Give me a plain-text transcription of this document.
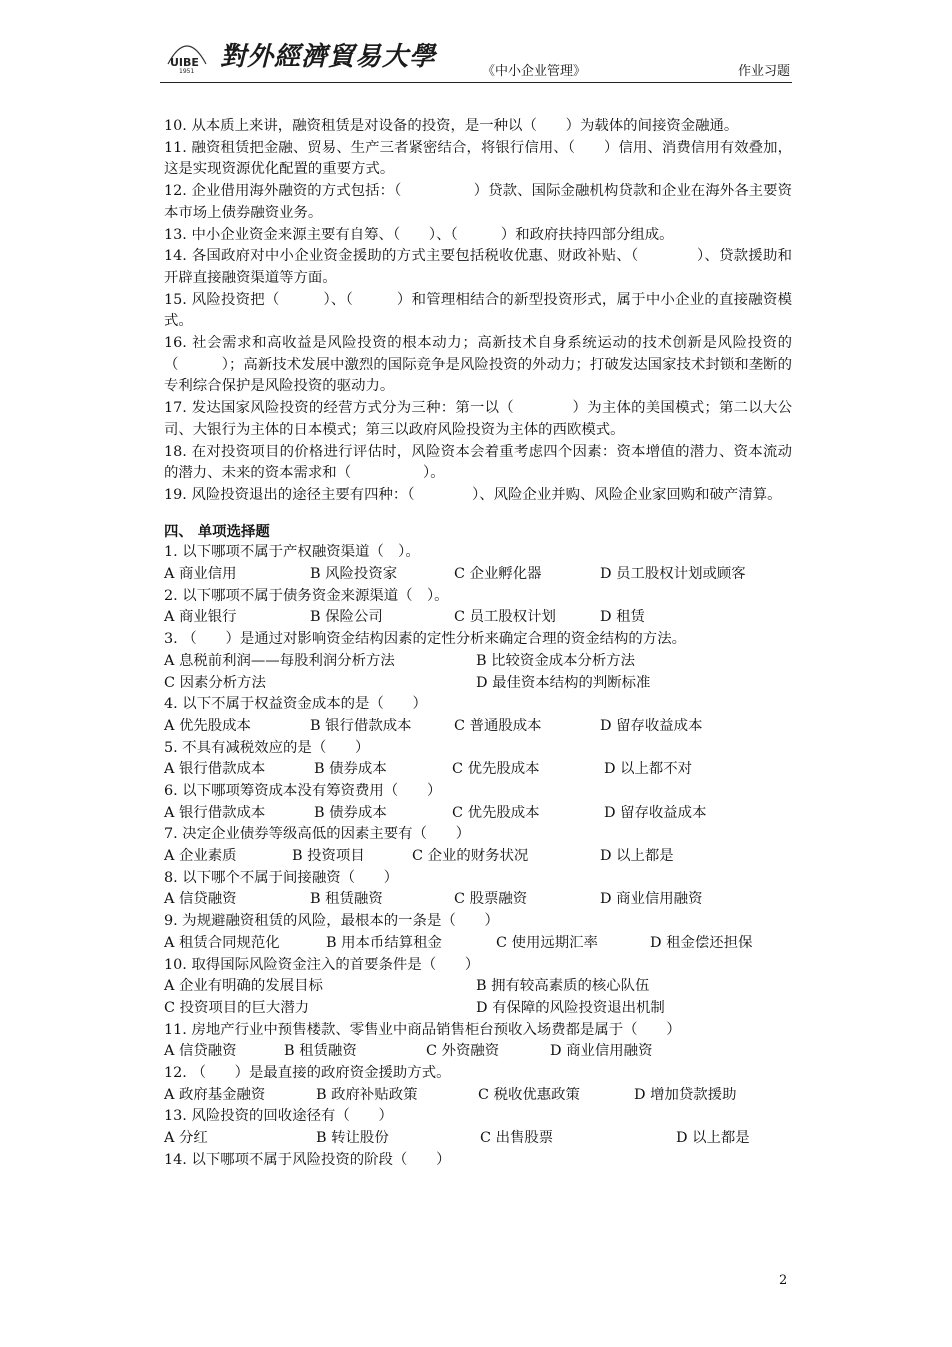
UIBE
1951 對外經濟貿易大學	《中小企业管理》	作业习题

10. 从本质上来讲，融资租赁是对设备的投资，是一种以（　　）为载体的间接资金融通。

11. 融资租赁把金融、贸易、生产三者紧密结合，将银行信用、（　　）信用、消费信用有效叠加，这是实现资源优化配置的重要方式。

12. 企业借用海外融资的方式包括：（　　　　　）贷款、国际金融机构贷款和企业在海外各主要资本市场上债券融资业务。

13. 中小企业资金来源主要有自筹、（　　）、（　　　）和政府扶持四部分组成。

14. 各国政府对中小企业资金援助的方式主要包括税收优惠、财政补贴、（　　　　）、贷款援助和开辟直接融资渠道等方面。

15. 风险投资把（　　　）、（　　　）和管理相结合的新型投资形式，属于中小企业的直接融资模式。

16. 社会需求和高收益是风险投资的根本动力；高新技术自身系统运动的技术创新是风险投资的（　　　）；高新技术发展中激烈的国际竞争是风险投资的外动力；打破发达国家技术封锁和垄断的专利综合保护是风险投资的驱动力。

17. 发达国家风险投资的经营方式分为三种：第一以（　　　　）为主体的美国模式；第二以大公司、大银行为主体的日本模式；第三以政府风险投资为主体的西欧模式。

18. 在对投资项目的价格进行评估时，风险资本会着重考虑四个因素：资本增值的潜力、资本流动的潜力、未来的资本需求和（　　　　　）。

19. 风险投资退出的途径主要有四种：（　　　　）、风险企业并购、风险企业家回购和破产清算。

四、 单项选择题

1. 以下哪项不属于产权融资渠道（　）。

A 商业信用	B 风险投资家	C 企业孵化器	D 员工股权计划或顾客

2. 以下哪项不属于债务资金来源渠道（　）。

A 商业银行	B 保险公司	C 员工股权计划	D 租赁

3. （　　）是通过对影响资金结构因素的定性分析来确定合理的资金结构的方法。

A 息税前利润——每股利润分析方法	B 比较资金成本分析方法
C 因素分析方法	D 最佳资本结构的判断标准

4. 以下不属于权益资金成本的是（　　）

A 优先股成本	B 银行借款成本	C 普通股成本	D 留存收益成本

5. 不具有减税效应的是（　　）

A 银行借款成本	B 债券成本	C 优先股成本	D 以上都不对

6. 以下哪项筹资成本没有筹资费用（　　）

A 银行借款成本	B 债券成本	C 优先股成本	D 留存收益成本

7. 决定企业债券等级高低的因素主要有（　　）

A 企业素质	B 投资项目	C 企业的财务状况	D 以上都是

8. 以下哪个不属于间接融资（　　）

A 信贷融资	B 租赁融资	C 股票融资	D 商业信用融资

9. 为规避融资租赁的风险，最根本的一条是（　　）

A 租赁合同规范化	B 用本币结算租金	C 使用远期汇率	D 租金偿还担保

10. 取得国际风险资金注入的首要条件是（　　）

A 企业有明确的发展目标	B 拥有较高素质的核心队伍
C 投资项目的巨大潜力	D 有保障的风险投资退出机制

11. 房地产行业中预售楼款、零售业中商品销售柜台预收入场费都是属于（　　）

A 信贷融资	B 租赁融资	C 外资融资	D 商业信用融资

12. （　　）是最直接的政府资金援助方式。

A 政府基金融资	B 政府补贴政策	C 税收优惠政策	D 增加贷款援助

13. 风险投资的回收途径有（　　）

A 分红	B 转让股份	C 出售股票	D 以上都是

14. 以下哪项不属于风险投资的阶段（　　）

2
